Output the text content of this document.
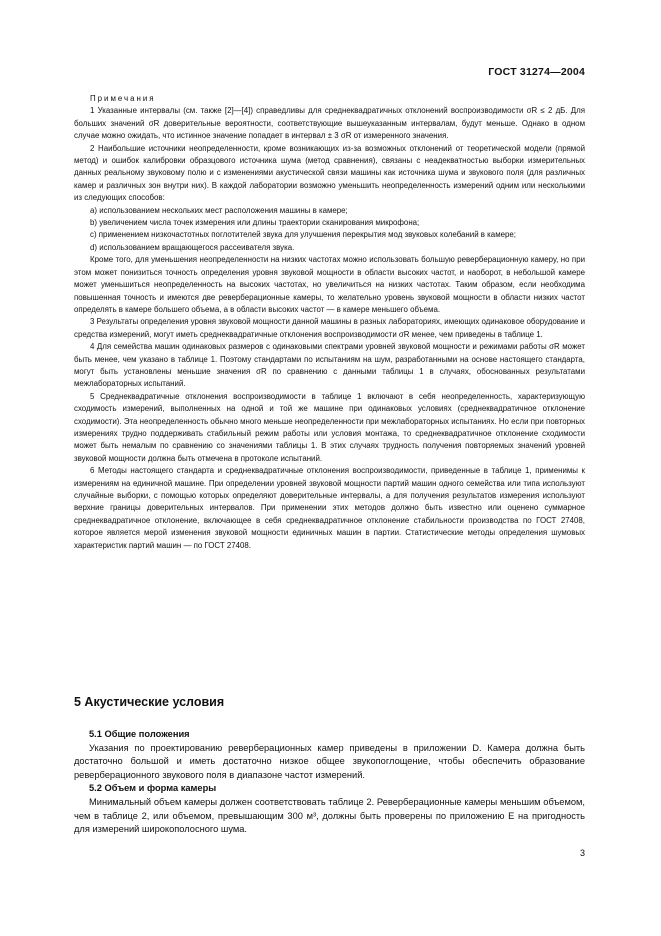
ГОСТ 31274—2004

Примечания

1 Указанные интервалы (см. также [2]—[4]) справедливы для среднеквадратичных отклонений воспроизводимости σR ≤ 2 дБ. Для больших значений σR доверительные вероятности, соответствующие вышеуказанным интервалам, будут меньше. Однако в одном случае можно ожидать, что истинное значение попадает в интервал ± 3 σR от измеренного значения.

2 Наибольшие источники неопределенности, кроме возникающих из-за возможных отклонений от теоретической модели (прямой метод) и ошибок калибровки образцового источника шума (метод сравнения), связаны с неадекватностью выборки измерительных данных реальному звуковому полю и с изменениями акустической связи машины как источника шума и звукового поля (для различных камер и различных зон внутри них). В каждой лаборатории возможно уменьшить неопределенность измерений одним или несколькими из следующих способов:

a) использованием нескольких мест расположения машины в камере;

b) увеличением числа точек измерения или длины траектории сканирования микрофона;

c) применением низкочастотных поглотителей звука для улучшения перекрытия мод звуковых колебаний в камере;

d) использованием вращающегося рассеивателя звука.

Кроме того, для уменьшения неопределенности на низких частотах можно использовать большую реверберационную камеру, но при этом может понизиться точность определения уровня звуковой мощности в области высоких частот, и наоборот, в небольшой камере может уменьшиться неопределенность на высоких частотах, но увеличиться на низких частотах. Таким образом, если необходима повышенная точность и имеются две реверберационные камеры, то желательно уровень звуковой мощности в области низких частот определять в камере большего объема, а в области высоких частот — в камере меньшего объема.

3 Результаты определения уровня звуковой мощности данной машины в разных лабораториях, имеющих одинаковое оборудование и средства измерений, могут иметь среднеквадратичные отклонения воспроизводимости σR менее, чем приведены в таблице 1.

4 Для семейства машин одинаковых размеров с одинаковыми спектрами уровней звуковой мощности и режимами работы σR может быть менее, чем указано в таблице 1. Поэтому стандартами по испытаниям на шум, разработанными на основе настоящего стандарта, могут быть установлены меньшие значения σR по сравнению с данными таблицы 1 в случаях, обоснованных результатами межлабораторных испытаний.

5 Среднеквадратичные отклонения воспроизводимости в таблице 1 включают в себя неопределенность, характеризующую сходимость измерений, выполненных на одной и той же машине при одинаковых условиях (среднеквадратичное отклонение сходимости). Эта неопределенность обычно много меньше неопределенности при межлабораторных испытаниях. Но если при повторных измерениях трудно поддерживать стабильный режим работы или условия монтажа, то среднеквадратичное отклонение сходимости может быть немалым по сравнению со значениями таблицы 1. В этих случаях трудность получения повторяемых значений уровней звуковой мощности должна быть отмечена в протоколе испытаний.

6 Методы настоящего стандарта и среднеквадратичные отклонения воспроизводимости, приведенные в таблице 1, применимы к измерениям на единичной машине. При определении уровней звуковой мощности партий машин одного семейства или типа используют случайные выборки, с помощью которых определяют доверительные интервалы, а для получения результатов измерения используют верхние границы доверительных интервалов. При применении этих методов должно быть известно или оценено суммарное среднеквадратичное отклонение, включающее в себя среднеквадратичное отклонение стабильности производства по ГОСТ 27408, которое является мерой изменения звуковой мощности единичных машин в партии. Статистические методы определения шумовых характеристик партий машин — по ГОСТ 27408.

5 Акустические условия

5.1 Общие положения

Указания по проектированию реверберационных камер приведены в приложении D. Камера должна быть достаточно большой и иметь достаточно низкое общее звукопоглощение, чтобы обеспечить образование реверберационного звукового поля в диапазоне частот измерений.

5.2 Объем и форма камеры

Минимальный объем камеры должен соответствовать таблице 2. Реверберационные камеры меньшим объемом, чем в таблице 2, или объемом, превышающим 300 м³, должны быть проверены по приложению E на пригодность для измерений широкополосного шума.

3
